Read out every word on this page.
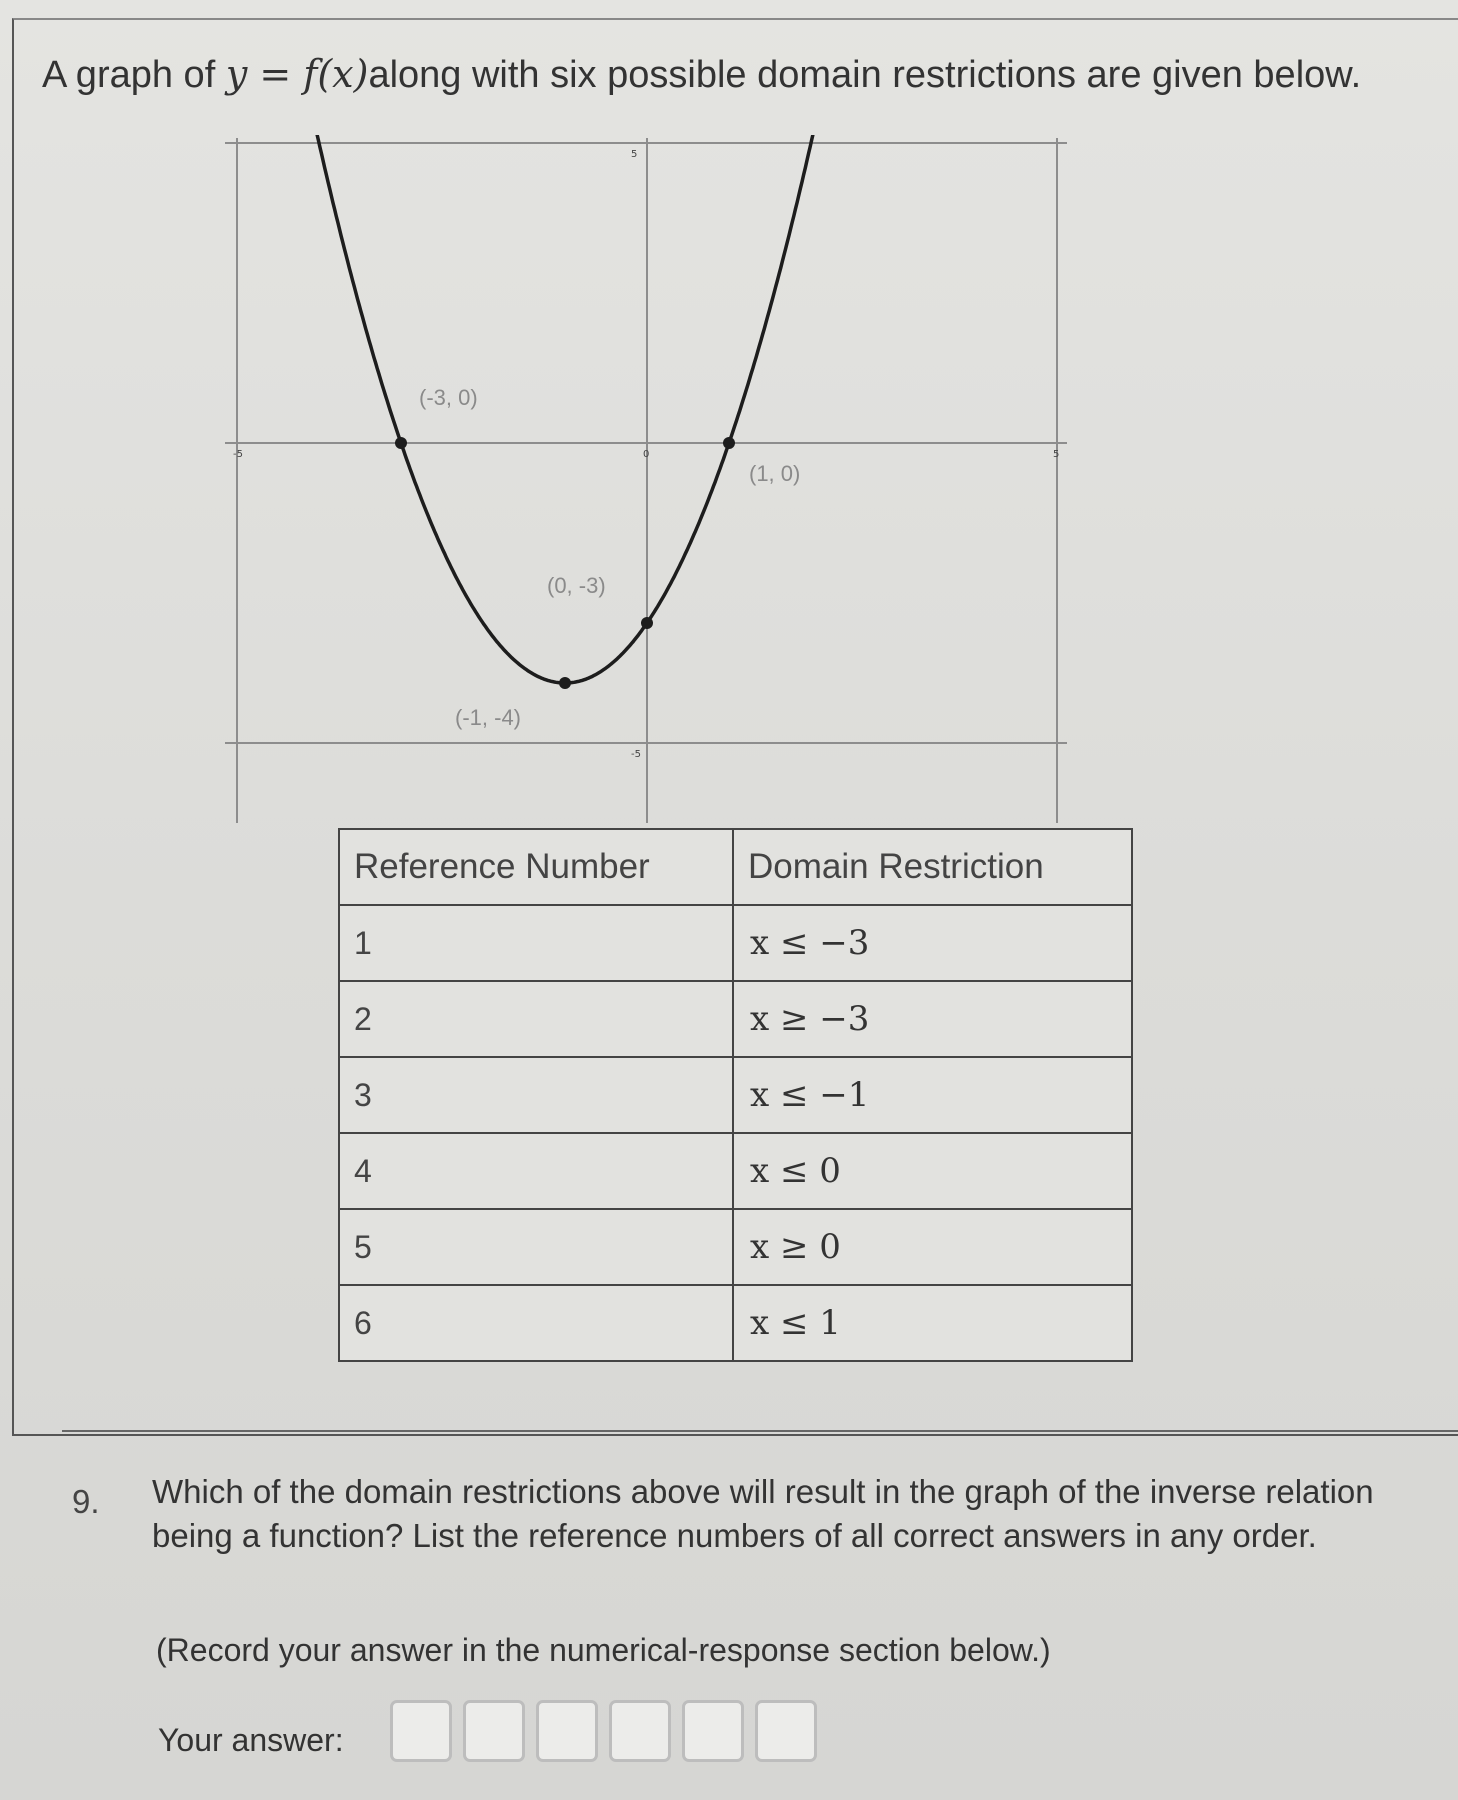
A graph of y = f(x)along with six possible domain restrictions are given below.
-5	0	5
5
-5
(-3, 0)
(1, 0)
(0, -3)
(-1, -4)
Reference Number	Domain Restriction
1	x ≤ −3
2	x ≥ −3
3	x ≤ −1
4	x ≤ 0
5	x ≥ 0
6	x ≤ 1
9. Which of the domain restrictions above will result in the graph of the inverse relation being a function? List the reference numbers of all correct answers in any order.
(Record your answer in the numerical-response section below.)
Your answer:
